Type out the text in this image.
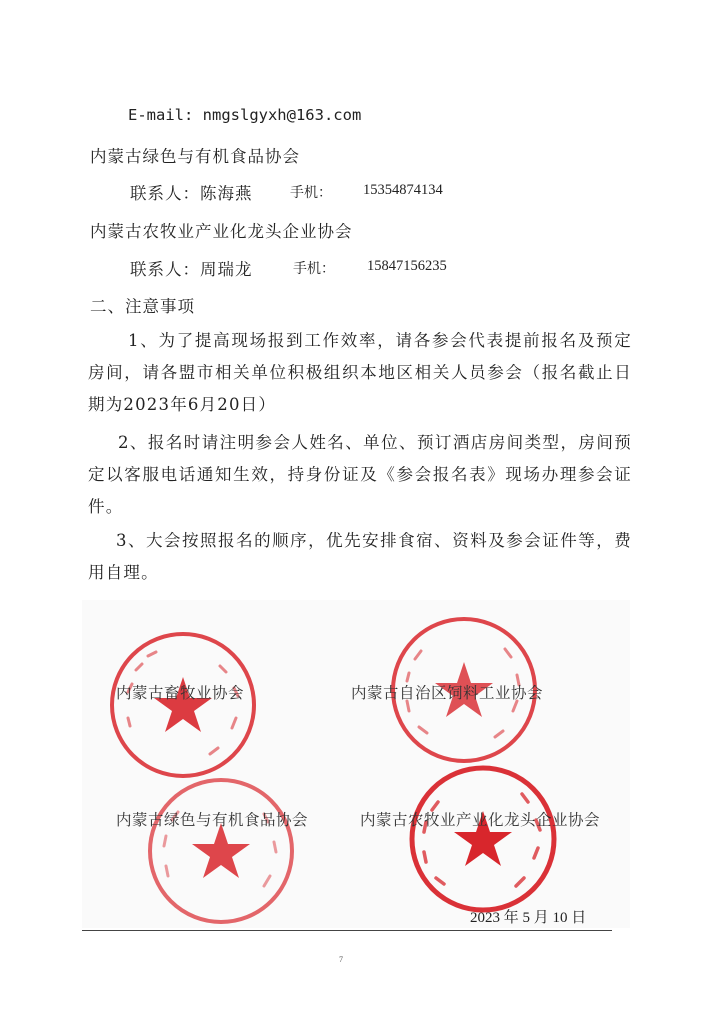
E-mail: nmgslgyxh@163.com
内蒙古绿色与有机食品协会
联系人：陈海燕	手机： 15354874134
内蒙古农牧业产业化龙头企业协会
联系人：周瑞龙	手机： 15847156235
二、注意事项
1、为了提高现场报到工作效率，请各参会代表提前报名及预定房间，请各盟市相关单位积极组织本地区相关人员参会（报名截止日期为2023年6月20日）
2、报名时请注明参会人姓名、单位、预订酒店房间类型，房间预定以客服电话通知生效，持身份证及《参会报名表》现场办理参会证件。
3、大会按照报名的顺序，优先安排食宿、资料及参会证件等，费用自理。
内蒙古畜牧业协会	内蒙古自治区饲料工业协会
内蒙古绿色与有机食品协会	内蒙古农牧业产业化龙头企业协会
2023 年 5 月 10 日
7
